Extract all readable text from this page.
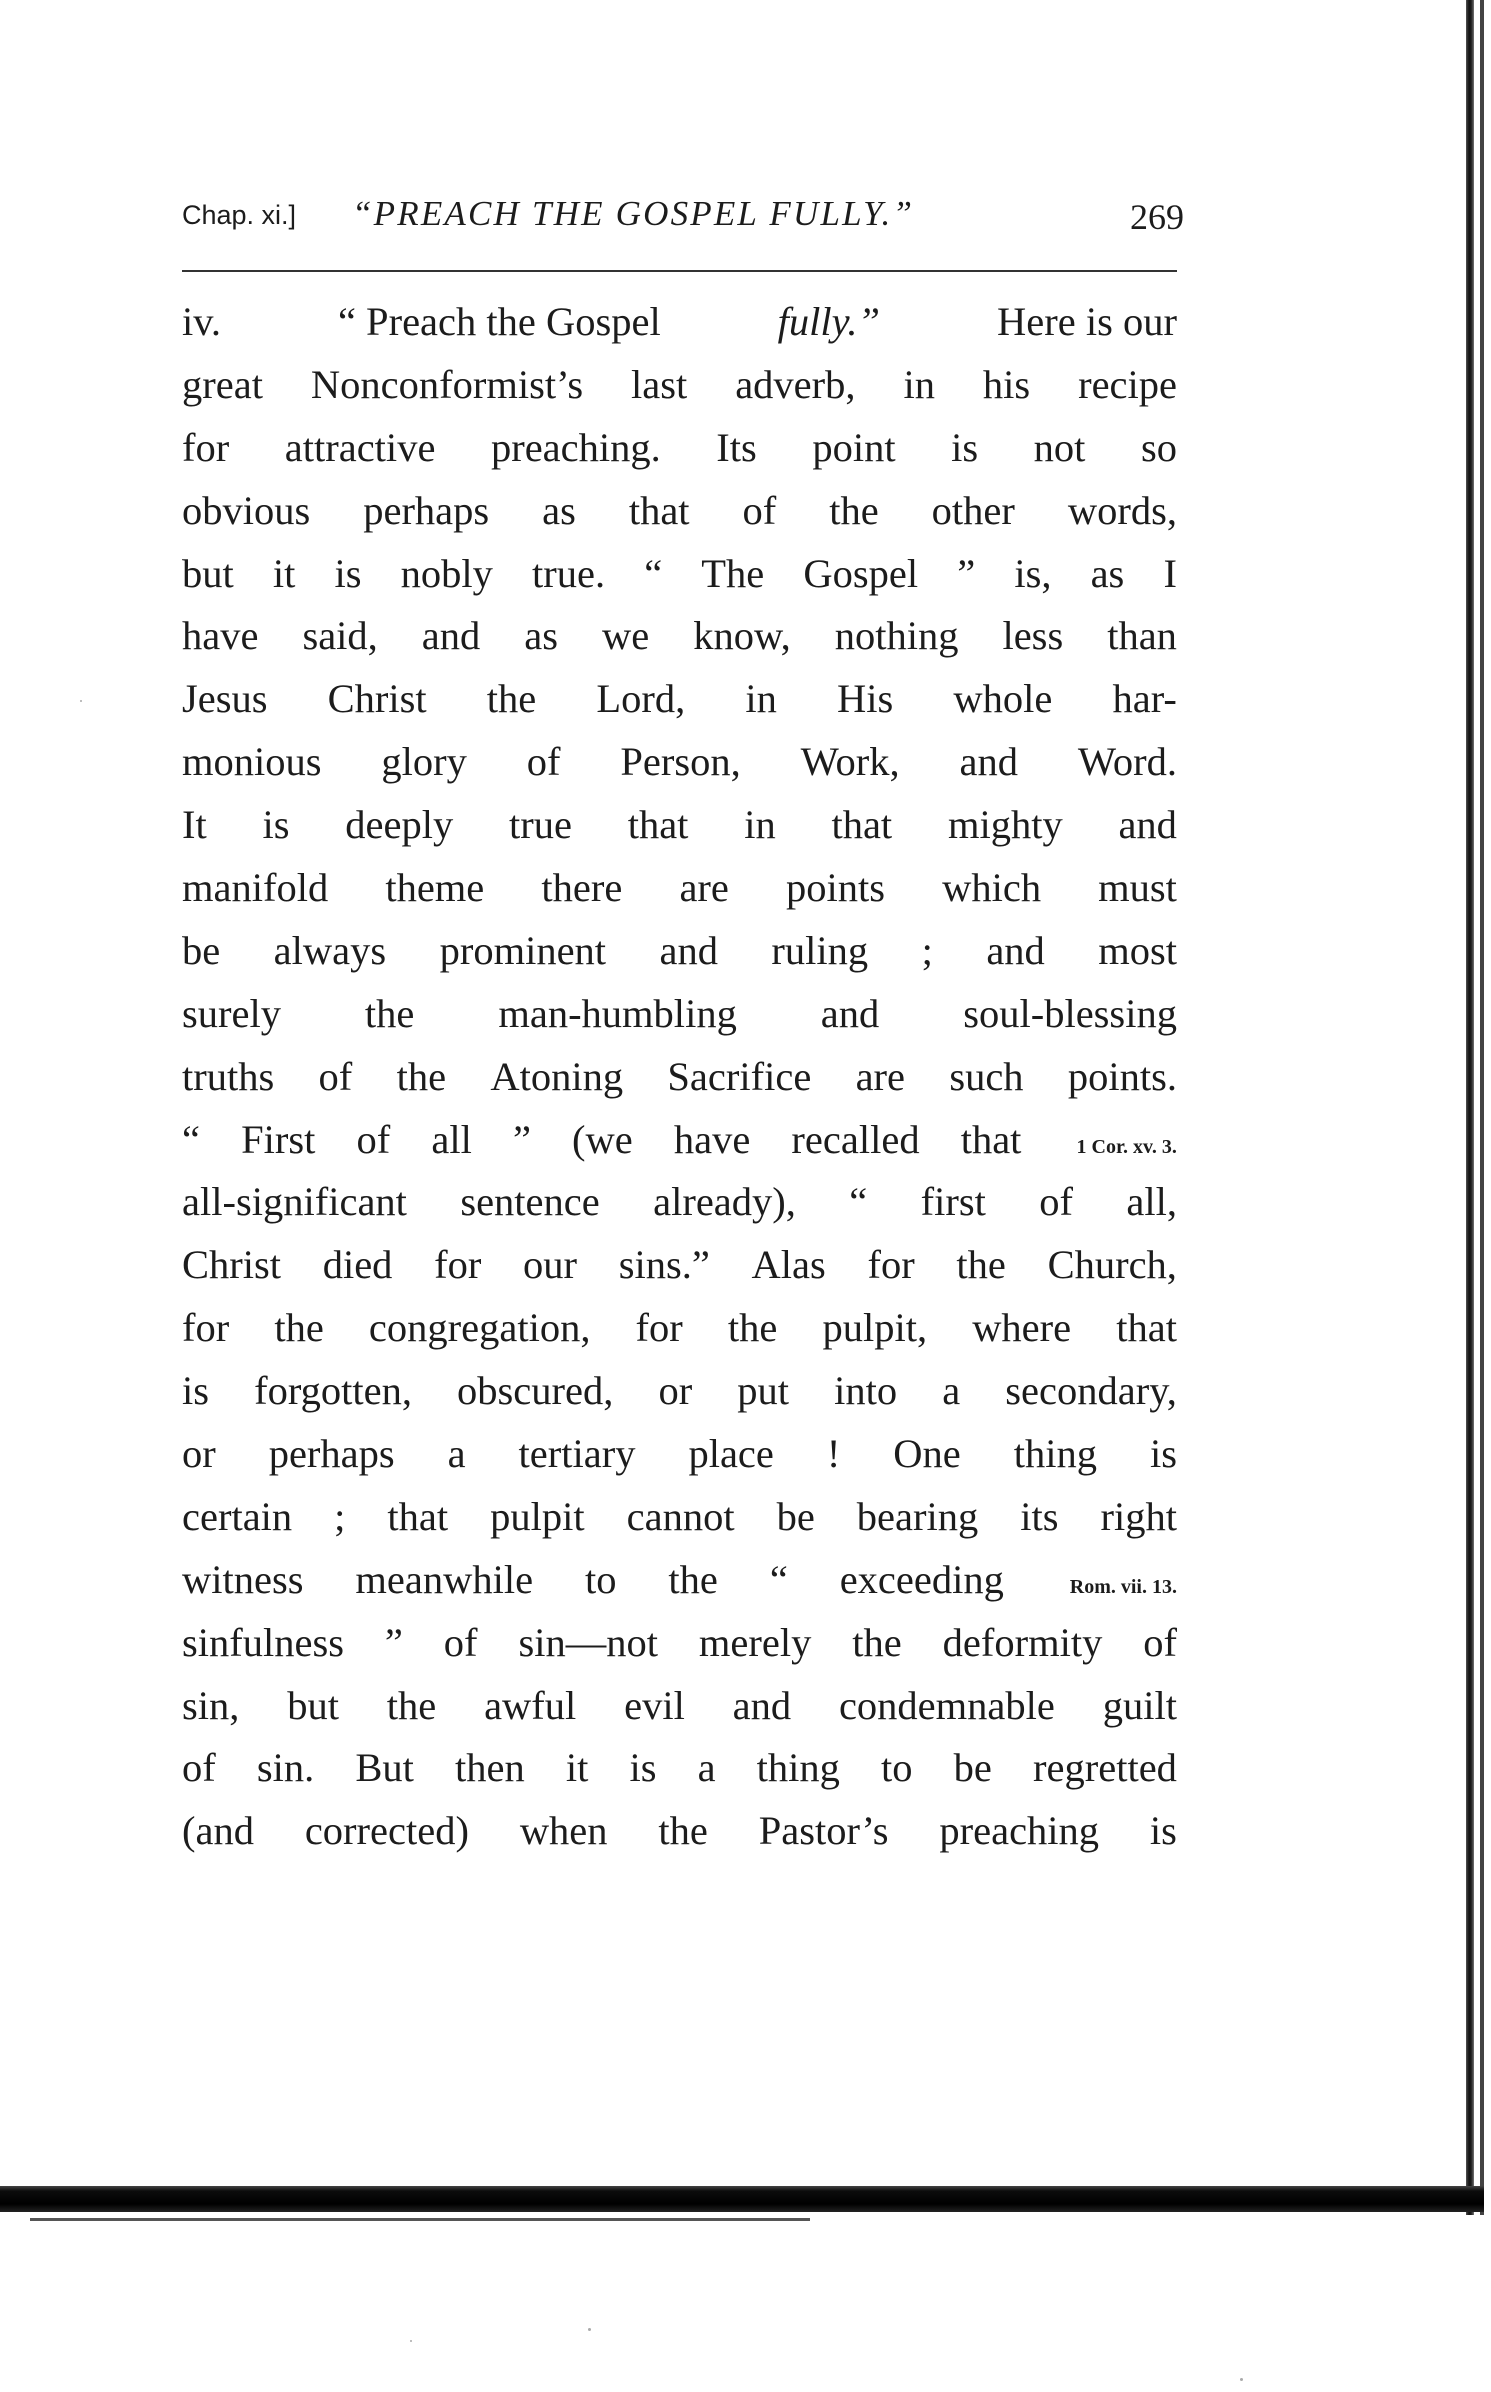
Chap. xi.] “PREACH THE GOSPEL FULLY.”	269
iv.	“ Preach the Gospel	fully.”	Here is our
great Nonconformist’s last adverb, in his recipe
for attractive preaching. Its point is not so
obvious perhaps as that of the other words,
but it is nobly true. “ The Gospel ” is, as I
have said, and as we know, nothing less than
Jesus Christ the Lord, in His whole har-
monious glory of Person, Work, and Word.
It is deeply true that in that mighty and
manifold theme there are points which must
be always prominent and ruling ; and most
surely the man-humbling and soul-blessing
truths of the Atoning Sacrifice are such points.
“ First of all ” (we have recalled that	1 Cor. xv. 3.
all-significant sentence already), “ first of all,
Christ died for our sins.” Alas for the Church,
for the congregation, for the pulpit, where that
is forgotten, obscured, or put into a secondary,
or perhaps a tertiary place ! One thing is
certain ; that pulpit cannot be bearing its right
witness meanwhile to the “ exceeding	Rom. vii. 13.
sinfulness ” of sin—not merely the deformity of
sin, but the awful evil and condemnable guilt
of sin. But then it is a thing to be regretted
(and corrected) when the Pastor’s preaching is
